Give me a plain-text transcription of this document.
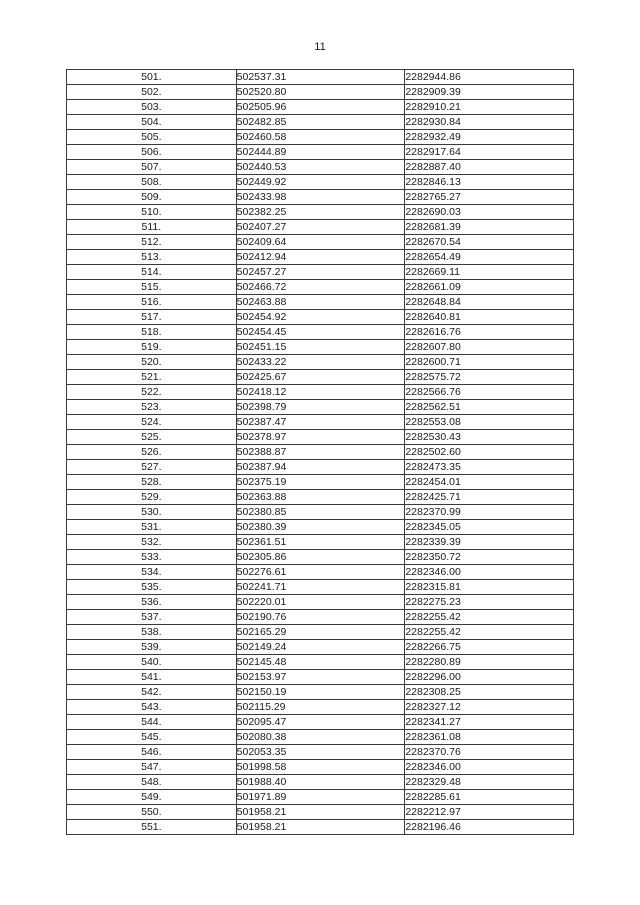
11
501.	502537.31	2282944.86
502.	502520.80	2282909.39
503.	502505.96	2282910.21
504.	502482.85	2282930.84
505.	502460.58	2282932.49
506.	502444.89	2282917.64
507.	502440.53	2282887.40
508.	502449.92	2282846.13
509.	502433.98	2282765.27
510.	502382.25	2282690.03
511.	502407.27	2282681.39
512.	502409.64	2282670.54
513.	502412.94	2282654.49
514.	502457.27	2282669.11
515.	502466.72	2282661.09
516.	502463.88	2282648.84
517.	502454.92	2282640.81
518.	502454.45	2282616.76
519.	502451.15	2282607.80
520.	502433.22	2282600.71
521.	502425.67	2282575.72
522.	502418.12	2282566.76
523.	502398.79	2282562.51
524.	502387.47	2282553.08
525.	502378.97	2282530.43
526.	502388.87	2282502.60
527.	502387.94	2282473.35
528.	502375.19	2282454.01
529.	502363.88	2282425.71
530.	502380.85	2282370.99
531.	502380.39	2282345.05
532.	502361.51	2282339.39
533.	502305.86	2282350.72
534.	502276.61	2282346.00
535.	502241.71	2282315.81
536.	502220.01	2282275.23
537.	502190.76	2282255.42
538.	502165.29	2282255.42
539.	502149.24	2282266.75
540.	502145.48	2282280.89
541.	502153.97	2282296.00
542.	502150.19	2282308.25
543.	502115.29	2282327.12
544.	502095.47	2282341.27
545.	502080.38	2282361.08
546.	502053.35	2282370.76
547.	501998.58	2282346.00
548.	501988.40	2282329.48
549.	501971.89	2282285.61
550.	501958.21	2282212.97
551.	501958.21	2282196.46
